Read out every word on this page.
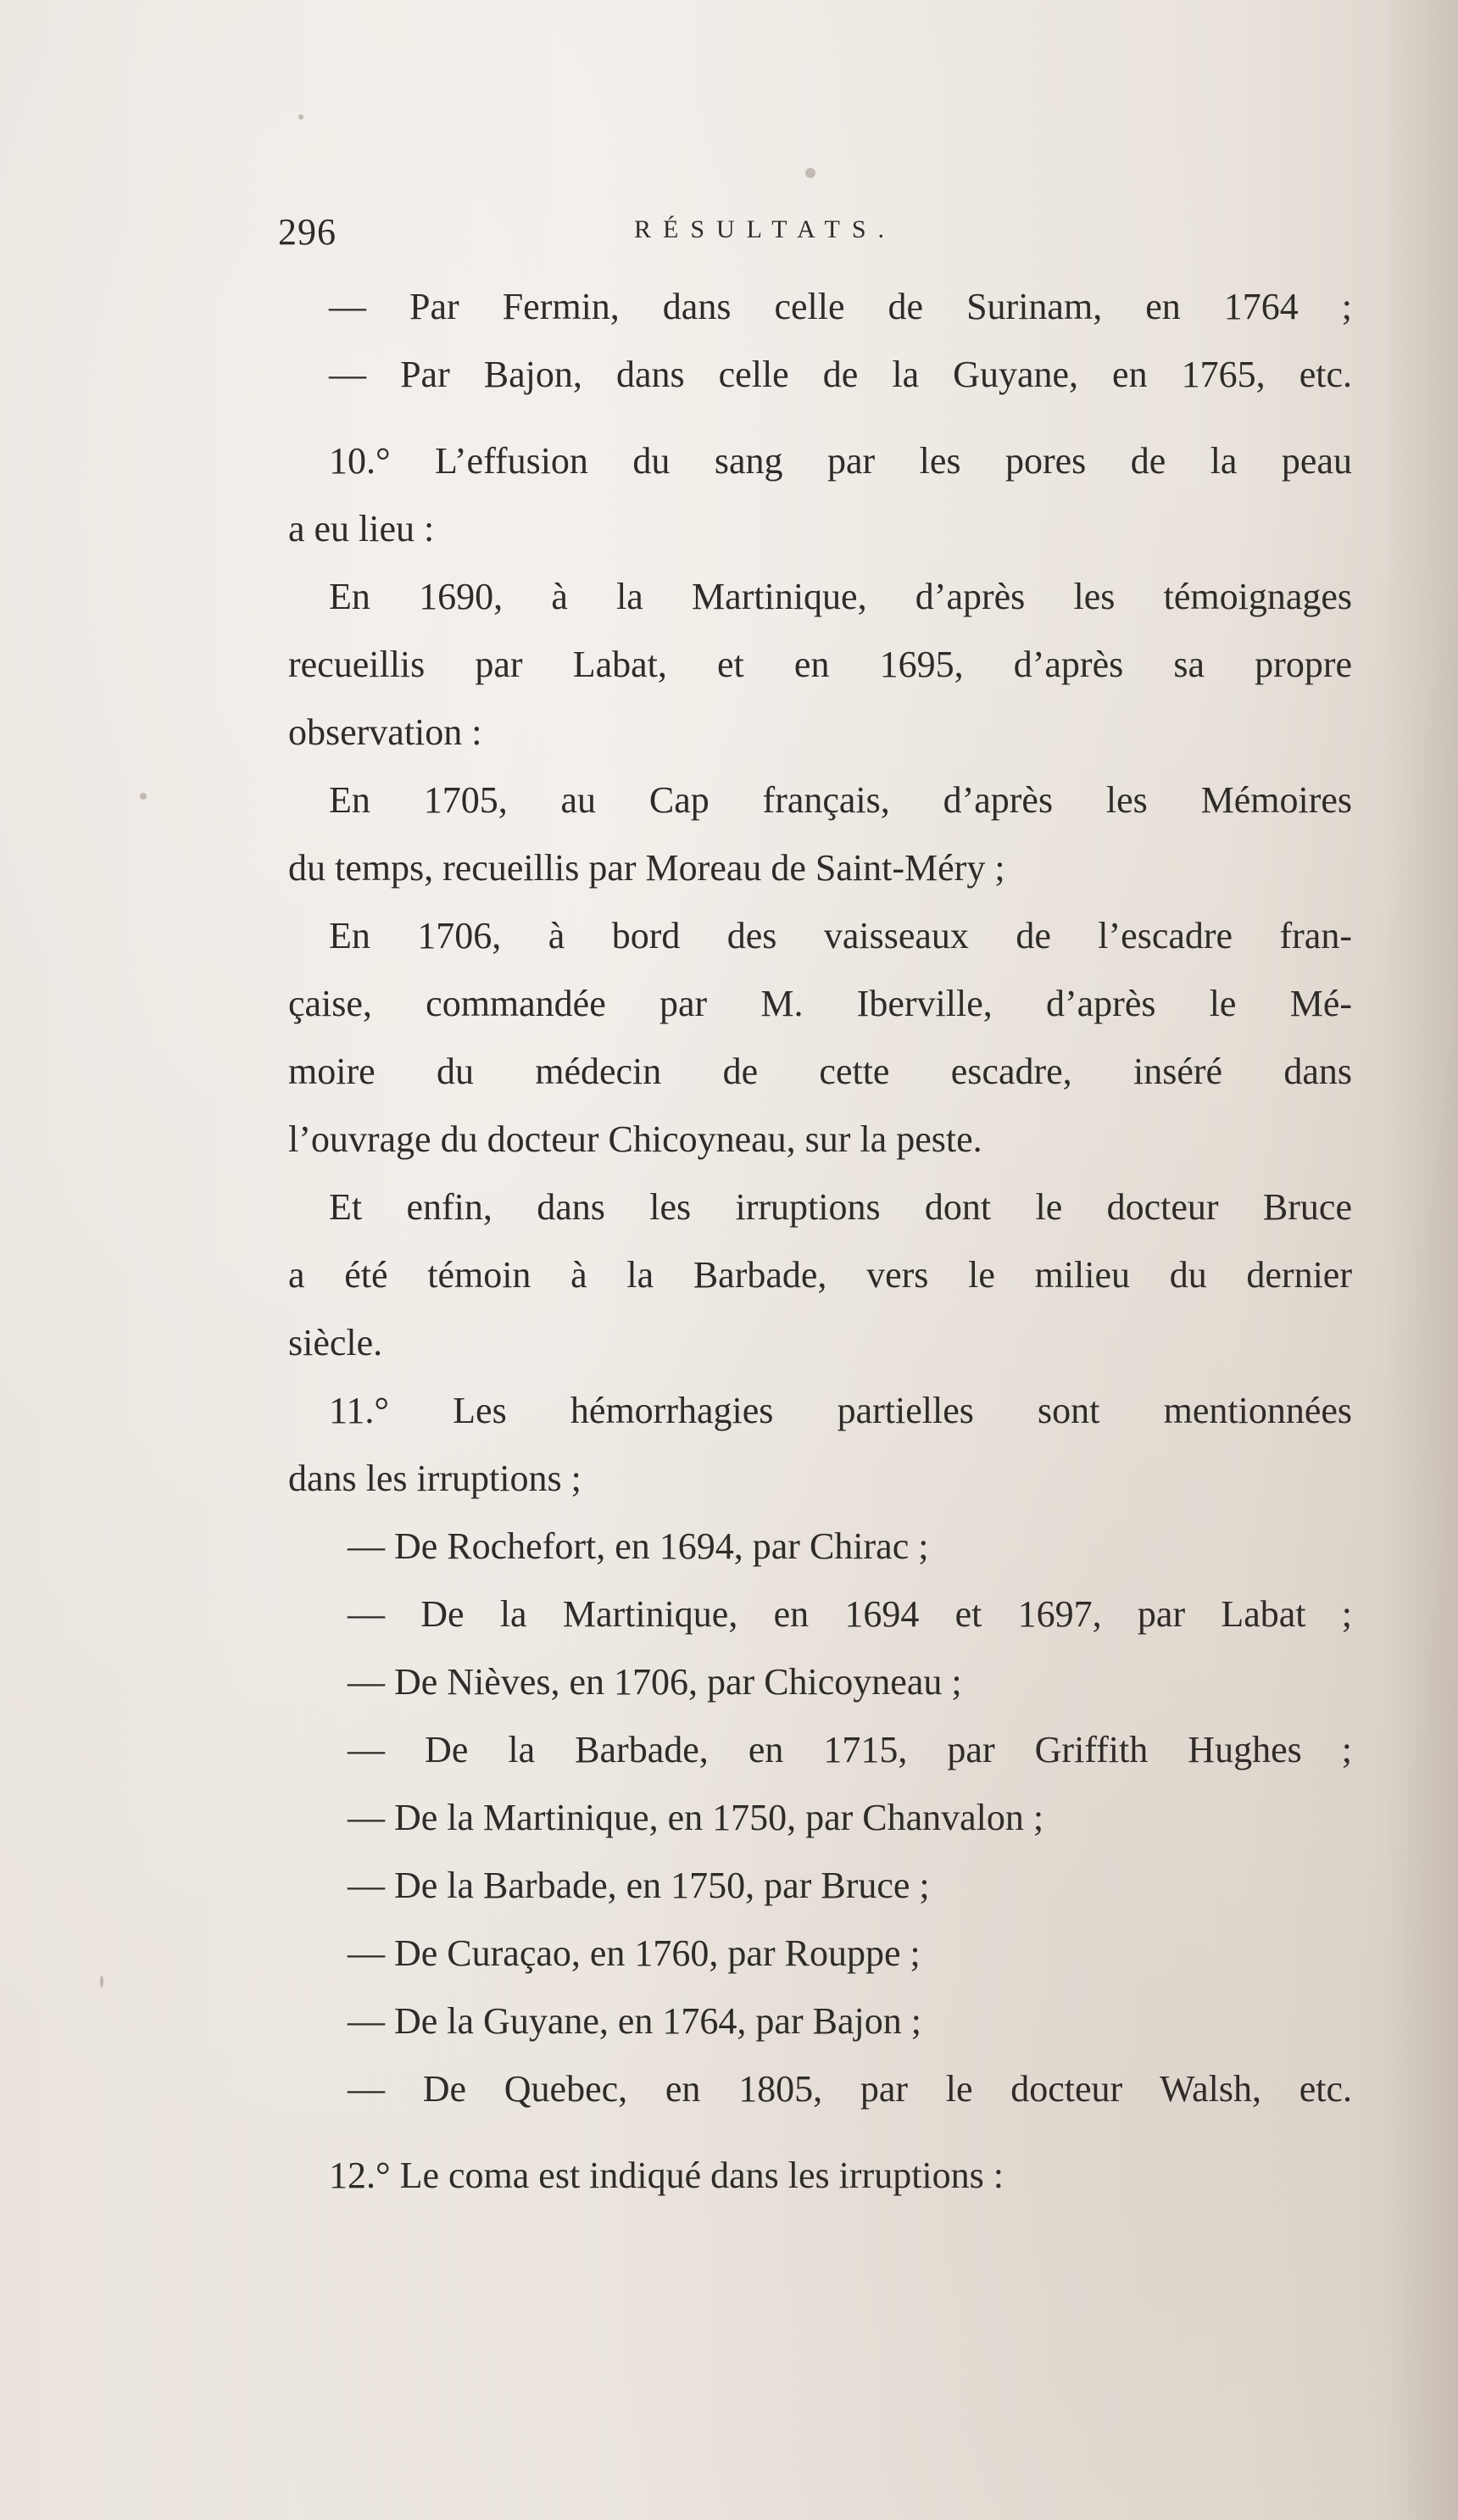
296	RÉSULTATS.
— Par Fermin, dans celle de Surinam, en 1764 ;
— Par Bajon, dans celle de la Guyane, en 1765, etc.
10.° L’effusion du sang par les pores de la peau
a eu lieu :
En 1690, à la Martinique, d’après les témoignages
recueillis par Labat, et en 1695, d’après sa propre
observation :
En 1705, au Cap français, d’après les Mémoires
du temps, recueillis par Moreau de Saint-Méry ;
En 1706, à bord des vaisseaux de l’escadre fran-
çaise, commandée par M. Iberville, d’après le Mé-
moire du médecin de cette escadre, inséré dans
l’ouvrage du docteur Chicoyneau, sur la peste.
Et enfin, dans les irruptions dont le docteur Bruce
a été témoin à la Barbade, vers le milieu du dernier
siècle.
11.° Les hémorrhagies partielles sont mentionnées
dans les irruptions ;
— De Rochefort, en 1694, par Chirac ;
— De la Martinique, en 1694 et 1697, par Labat ;
— De Nièves, en 1706, par Chicoyneau ;
— De la Barbade, en 1715, par Griffith Hughes ;
— De la Martinique, en 1750, par Chanvalon ;
— De la Barbade, en 1750, par Bruce ;
— De Curaçao, en 1760, par Rouppe ;
— De la Guyane, en 1764, par Bajon ;
— De Quebec, en 1805, par le docteur Walsh, etc.
12.° Le coma est indiqué dans les irruptions :
